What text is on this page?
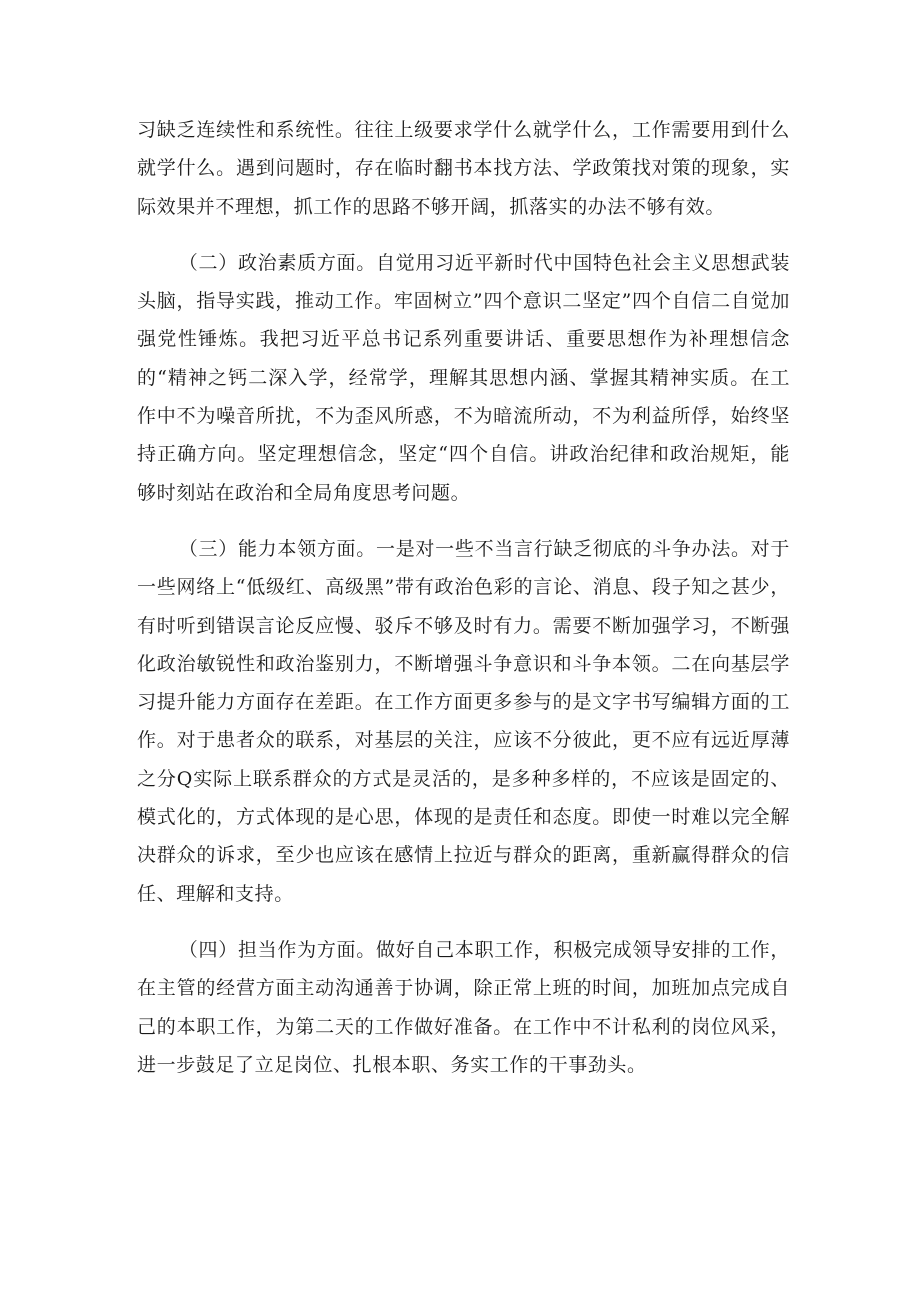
习缺乏连续性和系统性。往往上级要求学什么就学什么，工作需要用到什么就学什么。遇到问题时，存在临时翻书本找方法、学政策找对策的现象，实际效果并不理想，抓工作的思路不够开阔，抓落实的办法不够有效。

（二）政治素质方面。自觉用习近平新时代中国特色社会主义思想武装头脑，指导实践，推动工作。牢固树立”四个意识二坚定”四个自信二自觉加强党性锤炼。我把习近平总书记系列重要讲话、重要思想作为补理想信念的“精神之钙二深入学，经常学，理解其思想内涵、掌握其精神实质。在工作中不为噪音所扰，不为歪风所惑，不为暗流所动，不为利益所俘，始终坚持正确方向。坚定理想信念，坚定“四个自信。讲政治纪律和政治规矩，能够时刻站在政治和全局角度思考问题。

（三）能力本领方面。一是对一些不当言行缺乏彻底的斗争办法。对于一些网络上“低级红、高级黑”带有政治色彩的言论、消息、段子知之甚少，有时听到错误言论反应慢、驳斥不够及时有力。需要不断加强学习，不断强化政治敏锐性和政治鉴别力，不断增强斗争意识和斗争本领。二在向基层学习提升能力方面存在差距。在工作方面更多参与的是文字书写编辑方面的工作。对于患者众的联系，对基层的关注，应该不分彼此，更不应有远近厚薄之分Q实际上联系群众的方式是灵活的，是多种多样的，不应该是固定的、模式化的，方式体现的是心思，体现的是责任和态度。即使一时难以完全解决群众的诉求，至少也应该在感情上拉近与群众的距离，重新赢得群众的信任、理解和支持。

（四）担当作为方面。做好自己本职工作，积极完成领导安排的工作，在主管的经营方面主动沟通善于协调，除正常上班的时间，加班加点完成自己的本职工作，为第二天的工作做好准备。在工作中不计私利的岗位风采，进一步鼓足了立足岗位、扎根本职、务实工作的干事劲头。
